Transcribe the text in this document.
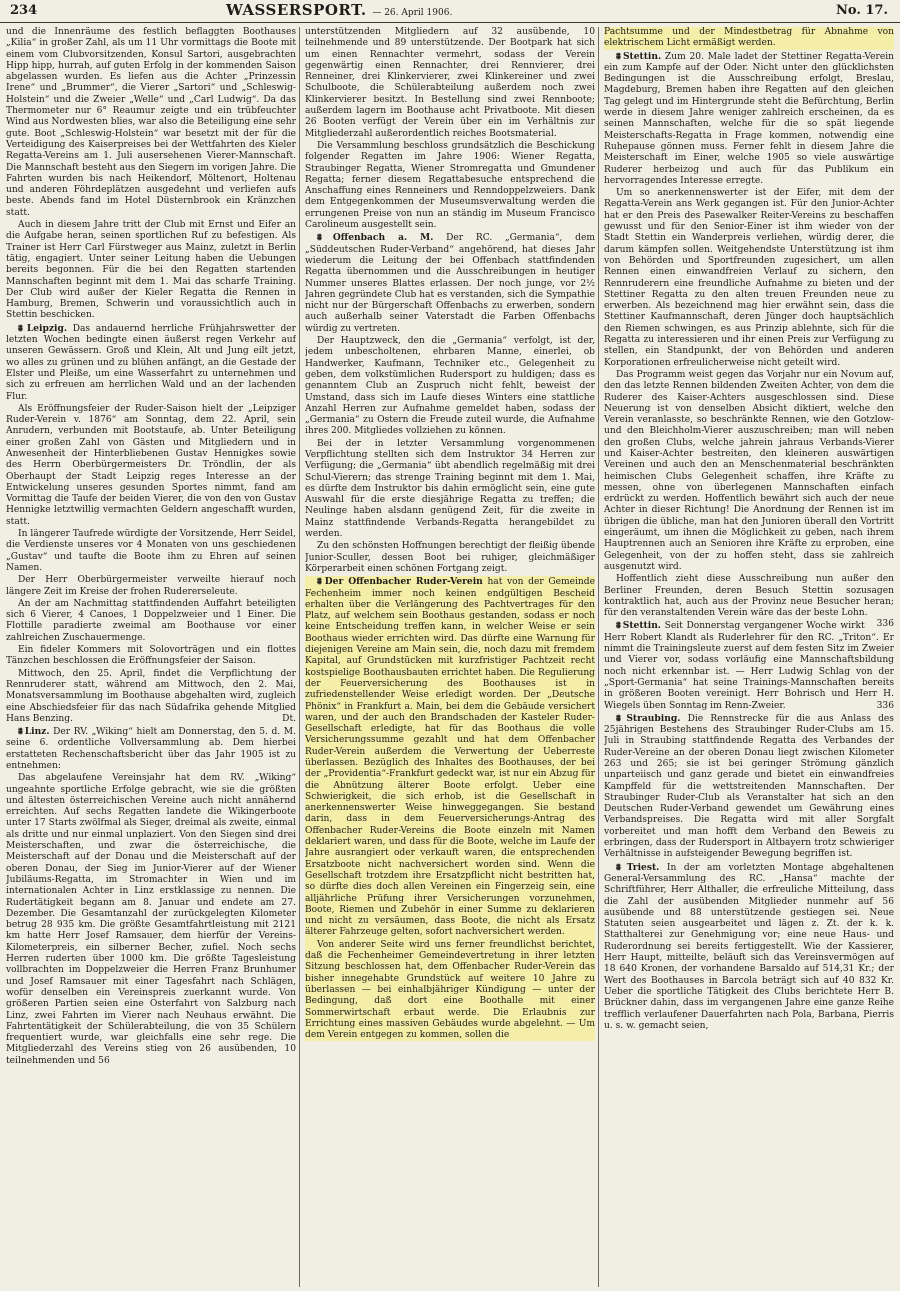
234	WASSERSPORT. — 26. April 1906.	No. 17.

und die Innenräume des festlich beflaggten Boothauses „Kilia“ in großer Zahl, als um 11 Uhr vormittags die Boote mit einem vom Clubvorsitzenden, Konsul Sartori, ausgebrachten Hipp hipp, hurrah, auf guten Erfolg in der kommenden Saison abgelassen wurden. Es liefen aus die Achter „Prinzessin Irene“ und „Brummer“, die Vierer „Sartori“ und „Schleswig-Holstein“ und die Zweier „Welle“ und „Carl Ludwig“. Da das Thermometer nur 6° Reaumur zeigte und ein trübfeuchter Wind aus Nordwesten blies, war also die Beteiligung eine sehr gute. Boot „Schleswig-Holstein“ war besetzt mit der für die Verteidigung des Kaiserpreises bei der Wettfahrten des Kieler Regatta-Vereins am 1. Juli ausersehenen Vierer-Mannschaft. Die Mannschaft besteht aus den Siegern im vorigen Jahre. Die Fahrten wurden bis nach Heikendorf, Möltenort, Holtenau und anderen Föhrdeplätzen ausgedehnt und verliefen aufs beste. Abends fand im Hotel Düsternbrook ein Kränzchen statt.

Auch in diesem Jahre tritt der Club mit Ernst und Eifer an die Aufgabe heran, seinen sportlichen Ruf zu befestigen. Als Trainer ist Herr Carl Fürstweger aus Mainz, zuletzt in Berlin tätig, engagiert. Unter seiner Leitung haben die Uebungen bereits begonnen. Für die bei den Regatten startenden Mannschaften beginnt mit dem 1. Mai das scharfe Training. Der Club wird außer der Kieler Regatta die Rennen in Hamburg, Bremen, Schwerin und voraussichtlich auch in Stettin beschicken.

⩩ Leipzig. Das andauernd herrliche Frühjahrswetter der letzten Wochen bedingte einen äußerst regen Verkehr auf unseren Gewässern. Groß und Klein, Alt und Jung eilt jetzt, wo alles zu grünen und zu blühen anfängt, an die Gestade der Elster und Pleiße, um eine Wasserfahrt zu unternehmen und sich zu erfreuen am herrlichen Wald und an der lachenden Flur.

Als Eröffnungsfeier der Ruder-Saison hielt der „Leipziger Ruder-Verein v. 1876“ am Sonntag, dem 22. April, sein Anrudern, verbunden mit Bootstaufe, ab. Unter Beteiligung einer großen Zahl von Gästen und Mitgliedern und in Anwesenheit der Hinterbliebenen Gustav Hennigkes sowie des Herrn Oberbürgermeisters Dr. Tröndlin, der als Oberhaupt der Stadt Leipzig reges Interesse an der Entwickelung unseres gesunden Sportes nimmt, fand am Vormittag die Taufe der beiden Vierer, die von den von Gustav Hennigke letztwillig vermachten Geldern angeschafft wurden, statt.

In längerer Taufrede würdigte der Vorsitzende, Herr Seidel, die Verdienste unseres vor 4 Monaten von uns geschiedenen „Gustav“ und taufte die Boote ihm zu Ehren auf seinen Namen.

Der Herr Oberbürgermeister verweilte hierauf noch längere Zeit im Kreise der frohen Rudererseleute.

An der am Nachmittag stattfindenden Auffahrt beteiligten sich 6 Vierer, 4 Canoes, 1 Doppelzweier und 1 Einer. Die Flottille paradierte zweimal am Boothause vor einer zahlreichen Zuschauermenge.

Ein fideler Kommers mit Solovorträgen und ein flottes Tänzchen beschlossen die Eröffnungsfeier der Saison.

Mittwoch, den 25. April, findet die Verpflichtung der Rennruderer statt, während am Mittwoch, den 2. Mai, Monatsversammlung im Boothause abgehalten wird, zugleich eine Abschiedsfeier für das nach Südafrika gehende Mitglied Hans Benzing.	Dt.

⩩ Linz. Der RV. „Wiking“ hielt am Donnerstag, den 5. d. M. seine 6. ordentliche Vollversammlung ab. Dem hierbei erstatteten Rechenschaftsbericht über das Jahr 1905 ist zu entnehmen:

Das abgelaufene Vereinsjahr hat dem RV. „Wiking“ ungeahnte sportliche Erfolge gebracht, wie sie die größten und ältesten österreichischen Vereine auch nicht annähernd erreichten. Auf sechs Regatten landete die Wikingerboote unter 17 Starts zwölfmal als Sieger, dreimal als zweite, einmal als dritte und nur einmal unplaziert. Von den Siegen sind drei Meisterschaften, und zwar die österreichische, die Meisterschaft auf der Donau und die Meisterschaft auf der oberen Donau, der Sieg im Junior-Vierer auf der Wiener Jubiläums-Regatta, im Stromachter in Wien und im internationalen Achter in Linz erstklassige zu nennen. Die Rudertätigkeit begann am 8. Januar und endete am 27. Dezember. Die Gesamtanzahl der zurückgelegten Kilometer betrug 28 935 km. Die größte Gesamtfahrtleistung mit 2121 km hatte Herr Josef Ramsauer, dem hierfür der Vereins-Kilometerpreis, ein silberner Becher, zufiel. Noch sechs Herren ruderten über 1000 km. Die größte Tagesleistung vollbrachten im Doppelzweier die Herren Franz Brunhumer und Josef Ramsauer mit einer Tagesfahrt nach Schlägen, wofür denselben ein Vereinspreis zuerkannt wurde. Von größeren Partien seien eine Osterfahrt von Salzburg nach Linz, zwei Fahrten im Vierer nach Neuhaus erwähnt. Die Fahrtentätigkeit der Schülerabteilung, die von 35 Schülern frequentiert wurde, war gleichfalls eine sehr rege. Die Mitgliederzahl des Vereins stieg von 26 ausübenden, 10 teilnehmenden und 56

unterstützenden Mitgliedern auf 32 ausübende, 10 teilnehmende und 89 unterstützende. Der Bootpark hat sich um einen Rennachter vermehrt, sodass der Verein gegenwärtig einen Rennachter, drei Rennvierer, drei Renneiner, drei Klinkervierer, zwei Klinkereiner und zwei Schulboote, die Schülerabteilung außerdem noch zwei Klinkervierer besitzt. In Bestellung sind zwei Rennboote; außerdem lagern im Boothause acht Privatboote. Mit diesen 26 Booten verfügt der Verein über ein im Verhältnis zur Mitgliederzahl außerordentlich reiches Bootsmaterial.

Die Versammlung beschloss grundsätzlich die Beschickung folgender Regatten im Jahre 1906: Wiener Regatta, Straubinger Regatta, Wiener Stromregatta und Gmundener Regatta; ferner diesem Regattabesuche entsprechend die Anschaffung eines Renneiners und Renndoppelzweiers. Dank dem Entgegenkommen der Museumsverwaltung werden die errungenen Preise von nun an ständig im Museum Francisco Carolineum ausgestellt sein.

⩩ Offenbach a. M. Der RC. „Germania“, dem „Süddeutschen Ruder-Verband“ angehörend, hat dieses Jahr wiederum die Leitung der bei Offenbach stattfindenden Regatta übernommen und die Ausschreibungen in heutiger Nummer unseres Blattes erlassen. Der noch junge, vor 2½ Jahren gegründete Club hat es verstanden, sich die Sympathie nicht nur der Bürgerschaft Offenbachs zu erwerben, sondern auch außerhalb seiner Vaterstadt die Farben Offenbachs würdig zu vertreten.

Der Hauptzweck, den die „Germania“ verfolgt, ist der, jedem unbescholtenen, ehrbaren Manne, einerlei, ob Handwerker, Kaufmann, Techniker etc., Gelegenheit zu geben, dem volkstümlichen Rudersport zu huldigen; dass es genanntem Club an Zuspruch nicht fehlt, beweist der Umstand, dass sich im Laufe dieses Winters eine stattliche Anzahl Herren zur Aufnahme gemeldet haben, sodass der „Germania“ zu Ostern die Freude zuteil wurde, die Aufnahme ihres 200. Mitgliedes vollziehen zu können.

Bei der in letzter Versammlung vorgenommenen Verpflichtung stellten sich dem Instruktor 34 Herren zur Verfügung; die „Germania“ übt abendlich regelmäßig mit drei Schul-Vierern; das strenge Training beginnt mit dem 1. Mai, es dürfte dem Instruktor bis dahin ermöglicht sein, eine gute Auswahl für die erste diesjährige Regatta zu treffen; die Neulinge haben alsdann genügend Zeit, für die zweite in Mainz stattfindende Verbands-Regatta herangebildet zu werden.

Zu den schönsten Hoffnungen berechtigt der fleißig übende Junior-Sculler, dessen Boot bei ruhiger, gleichmäßiger Körperarbeit einen schönen Fortgang zeigt.

⩩ Der Offenbacher Ruder-Verein hat von der Gemeinde Fechenheim immer noch keinen endgültigen Bescheid erhalten über die Verlängerung des Pachtvertrages für den Platz, auf welchem sein Boothaus gestanden, sodass er noch keine Entscheidung treffen kann, in welcher Weise er sein Boothaus wieder errichten wird. Das dürfte eine Warnung für diejenigen Vereine am Main sein, die, noch dazu mit fremdem Kapital, auf Grundstücken mit kurzfristiger Pachtzeit recht kostspielige Boothausbauten errichtet haben. Die Regulierung der Feuerversicherung des Boothauses ist in zufriedenstellender Weise erledigt worden. Der „Deutsche Phönix“ in Frankfurt a. Main, bei dem die Gebäude versichert waren, und der auch den Brandschaden der Kasteler Ruder-Gesellschaft erledigte, hat für das Boothaus die volle Versicherungssumme gezahlt und hat dem Offenbacher Ruder-Verein außerdem die Verwertung der Ueberreste überlassen. Bezüglich des Inhaltes des Boothauses, der bei der „Providentia“-Frankfurt gedeckt war, ist nur ein Abzug für die Abnützung älterer Boote erfolgt. Ueber eine Schwierigkeit, die sich erhob, ist die Gesellschaft in anerkennenswerter Weise hinweggegangen. Sie bestand darin, dass in dem Feuerversicherungs-Antrag des Offenbacher Ruder-Vereins die Boote einzeln mit Namen deklariert waren, und dass für die Boote, welche im Laufe der Jahre ausrangiert oder verkauft waren, die entsprechenden Ersatzboote nicht nachversichert worden sind. Wenn die Gesellschaft trotzdem ihre Ersatzpflicht nicht bestritten hat, so dürfte dies doch allen Vereinen ein Fingerzeig sein, eine alljährliche Prüfung ihrer Versicherungen vorzunehmen, Boote, Riemen und Zubehör in einer Summe zu deklarieren und nicht zu versäumen, dass Boote, die nicht als Ersatz älterer Fahrzeuge gelten, sofort nachversichert werden.

Von anderer Seite wird uns ferner freundlichst berichtet, daß die Fechenheimer Gemeindevertretung in ihrer letzten Sitzung beschlossen hat, dem Offenbacher Ruder-Verein das bisher innegehabte Grundstück auf weitere 10 Jahre zu überlassen — bei einhalbjähriger Kündigung — unter der Bedingung, daß dort eine Boothalle mit einer Sommerwirtschaft erbaut werde. Die Erlaubnis zur Errichtung eines massiven Gebäudes wurde abgelehnt. — Um dem Verein entgegen zu kommen, sollen die

Pachtsumme und der Mindestbetrag für Abnahme von elektrischem Licht ermäßigt werden.

⩩ Stettin. Zum 20. Male ladet der Stettiner Regatta-Verein ein zum Kampfe auf der Oder. Nicht unter den glücklichsten Bedingungen ist die Ausschreibung erfolgt, Breslau, Magdeburg, Bremen haben ihre Regatten auf den gleichen Tag gelegt und im Hintergrunde steht die Befürchtung, Berlin werde in diesem Jahre weniger zahlreich erscheinen, da es seinen Mannschaften, welche für die so spät liegende Meisterschafts-Regatta in Frage kommen, notwendig eine Ruhepause gönnen muss. Ferner fehlt in diesem Jahre die Meisterschaft im Einer, welche 1905 so viele auswärtige Ruderer herbeizog und auch für das Publikum ein hervorragendes Interesse erregte.

Um so anerkennenswerter ist der Eifer, mit dem der Regatta-Verein ans Werk gegangen ist. Für den Junior-Achter hat er den Preis des Pasewalker Reiter-Vereins zu beschaffen gewusst und für den Senior-Einer ist ihm wieder von der Stadt Stettin ein Wanderpreis verliehen, würdig derer, die darum kämpfen sollen. Weitgehendste Unterstützung ist ihm von Behörden und Sportfreunden zugesichert, um allen Rennen einen einwandfreien Verlauf zu sichern, den Rennruderern eine freundliche Aufnahme zu bieten und der Stettiner Regatta zu den alten treuen Freunden neue zu erwerben. Als bezeichnend mag hier erwähnt sein, dass die Stettiner Kaufmannschaft, deren Jünger doch hauptsächlich den Riemen schwingen, es aus Prinzip ablehnte, sich für die Regatta zu interessieren und ihr einen Preis zur Verfügung zu stellen, ein Standpunkt, der von Behörden und anderen Korporationen erfreulicherweise nicht geteilt wird.

Das Programm weist gegen das Vorjahr nur ein Novum auf, den das letzte Rennen bildenden Zweiten Achter, von dem die Ruderer des Kaiser-Achters ausgeschlossen sind. Diese Neuerung ist von denselben Absicht diktiert, welche den Verein veranlasste, so beschränkte Rennen, wie den Gotzlow- und den Bleichholm-Vierer auszuschreiben; man will neben den großen Clubs, welche jahrein jahraus Verbands-Vierer und Kaiser-Achter bestreiten, den kleineren auswärtigen Vereinen und auch den an Menschenmaterial beschränkten heimischen Clubs Gelegenheit schaffen, ihre Kräfte zu messen, ohne von überlegenen Mannschaften einfach erdrückt zu werden. Hoffentlich bewährt sich auch der neue Achter in dieser Richtung! Die Anordnung der Rennen ist im übrigen die übliche, man hat den Junioren überall den Vortritt eingeräumt, um ihnen die Möglichkeit zu geben, nach ihrem Hauptrennen auch an Senioren ihre Kräfte zu erproben, eine Gelegenheit, von der zu hoffen steht, dass sie zahlreich ausgenutzt wird.

Hoffentlich zieht diese Ausschreibung nun außer den Berliner Freunden, deren Besuch Stettin sozusagen kontraktlich hat, auch aus der Provinz neue Besucher heran; für den veranstaltenden Verein wäre das der beste Lohn.
336

⩩ Stettin. Seit Donnerstag vergangener Woche wirkt Herr Robert Klandt als Ruderlehrer für den RC. „Triton“. Er nimmt die Trainingsleute zuerst auf dem festen Sitz im Zweier und Vierer vor, sodass vorläufig eine Mannschaftsbildung noch nicht erkennbar ist. — Herr Ludwig Schlag von der „Sport-Germania“ hat seine Trainings-Mannschaften bereits in größeren Booten vereinigt. Herr Bohrisch und Herr H. Wiegels üben Sonntag im Renn-Zweier.	336

⩩ Straubing. Die Rennstrecke für die aus Anlass des 25jährigen Bestehens des Straubinger Ruder-Clubs am 15. Juli in Straubing stattfindende Regatta des Verbandes der Ruder-Vereine an der oberen Donau liegt zwischen Kilometer 263 und 265; sie ist bei geringer Strömung gänzlich unparteiisch und ganz gerade und bietet ein einwandfreies Kampffeld für die wettstreitenden Mannschaften. Der Straubinger Ruder-Club als Veranstalter hat sich an den Deutschen Ruder-Verband gewendet um Gewährung eines Verbandspreises. Die Regatta wird mit aller Sorgfalt vorbereitet und man hofft dem Verband den Beweis zu erbringen, dass der Rudersport in Altbayern trotz schwieriger Verhältnisse in aufsteigender Bewegung begriffen ist.

⩩ Triest. In der am vorletzten Montage abgehaltenen General-Versammlung des RC. „Hansa“ machte der Schriftführer, Herr Althaller, die erfreuliche Mitteilung, dass die Zahl der ausübenden Mitglieder nunmehr auf 56 ausübende und 88 unterstützende gestiegen sei. Neue Statuten seien ausgearbeitet und lägen z. Zt. der k. k. Statthalterei zur Genehmigung vor; eine neue Haus- und Ruderordnung sei bereits fertiggestellt. Wie der Kassierer, Herr Haupt, mitteilte, beläuft sich das Vereinsvermögen auf 18 640 Kronen, der vorhandene Barsaldo auf 514,31 Kr.; der Wert des Boothauses in Barcola beträgt sich auf 40 832 Kr. Ueber die sportliche Tätigkeit des Clubs berichtete Herr B. Brückner dahin, dass im vergangenen Jahre eine ganze Reihe trefflich verlaufener Dauerfahrten nach Pola, Barbana, Pierris u. s. w. gemacht seien,
